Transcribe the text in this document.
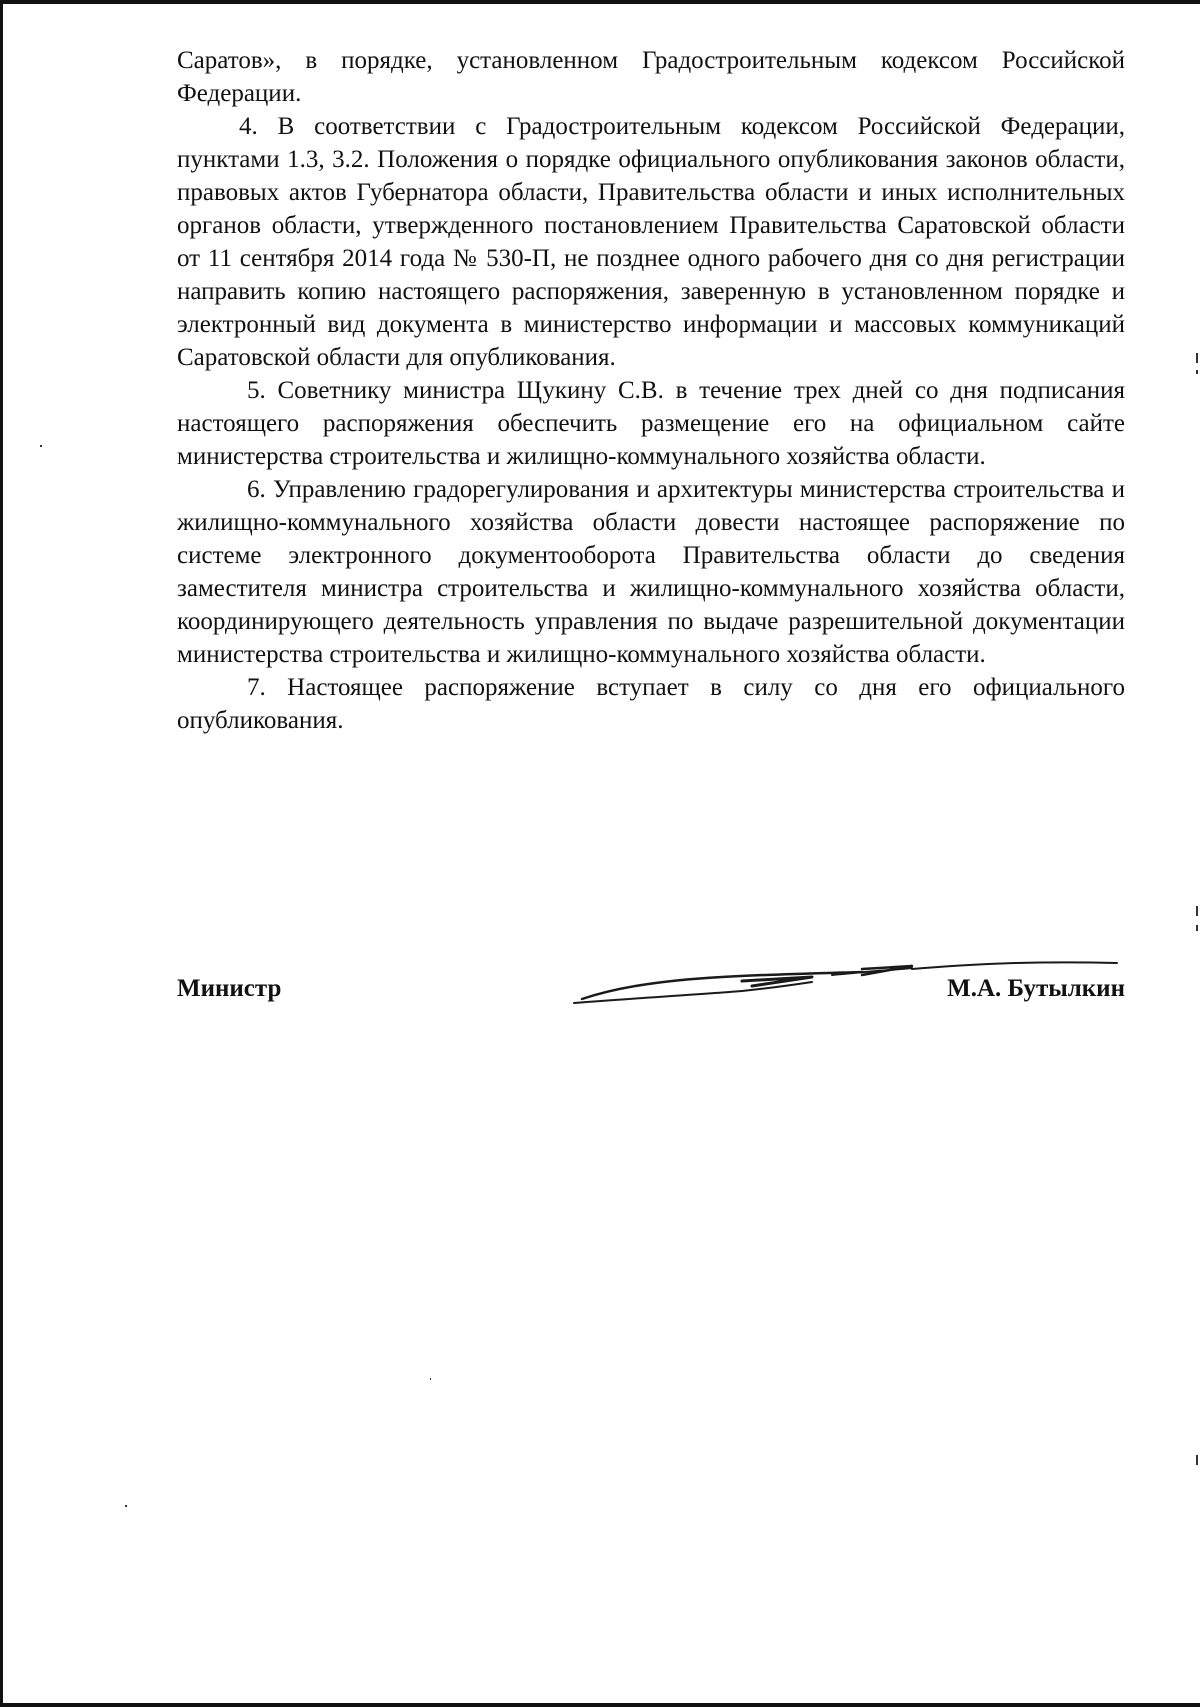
Саратов», в порядке, установленном Градостроительным кодексом Российской Федерации.

4. В соответствии с Градостроительным кодексом Российской Федерации, пунктами 1.3, 3.2. Положения о порядке официального опубликования законов области, правовых актов Губернатора области, Правительства области и иных исполнительных органов области, утвержденного постановлением Правительства Саратовской области от 11 сентября 2014 года № 530-П, не позднее одного рабочего дня со дня регистрации направить копию настоящего распоряжения, заверенную в установленном порядке и электронный вид документа в министерство информации и массовых коммуникаций Саратовской области для опубликования.

5. Советнику министра Щукину С.В. в течение трех дней со дня подписания настоящего распоряжения обеспечить размещение его на официальном сайте министерства строительства и жилищно-коммунального хозяйства области.

6. Управлению градорегулирования и архитектуры министерства строительства и жилищно-коммунального хозяйства области довести настоящее распоряжение по системе электронного документооборота Правительства области до сведения заместителя министра строительства и жилищно-коммунального хозяйства области, координирующего деятельность управления по выдаче разрешительной документации министерства строительства и жилищно-коммунального хозяйства области.

7. Настоящее распоряжение вступает в силу со дня его официального опубликования.

Министр	М.А. Бутылкин
